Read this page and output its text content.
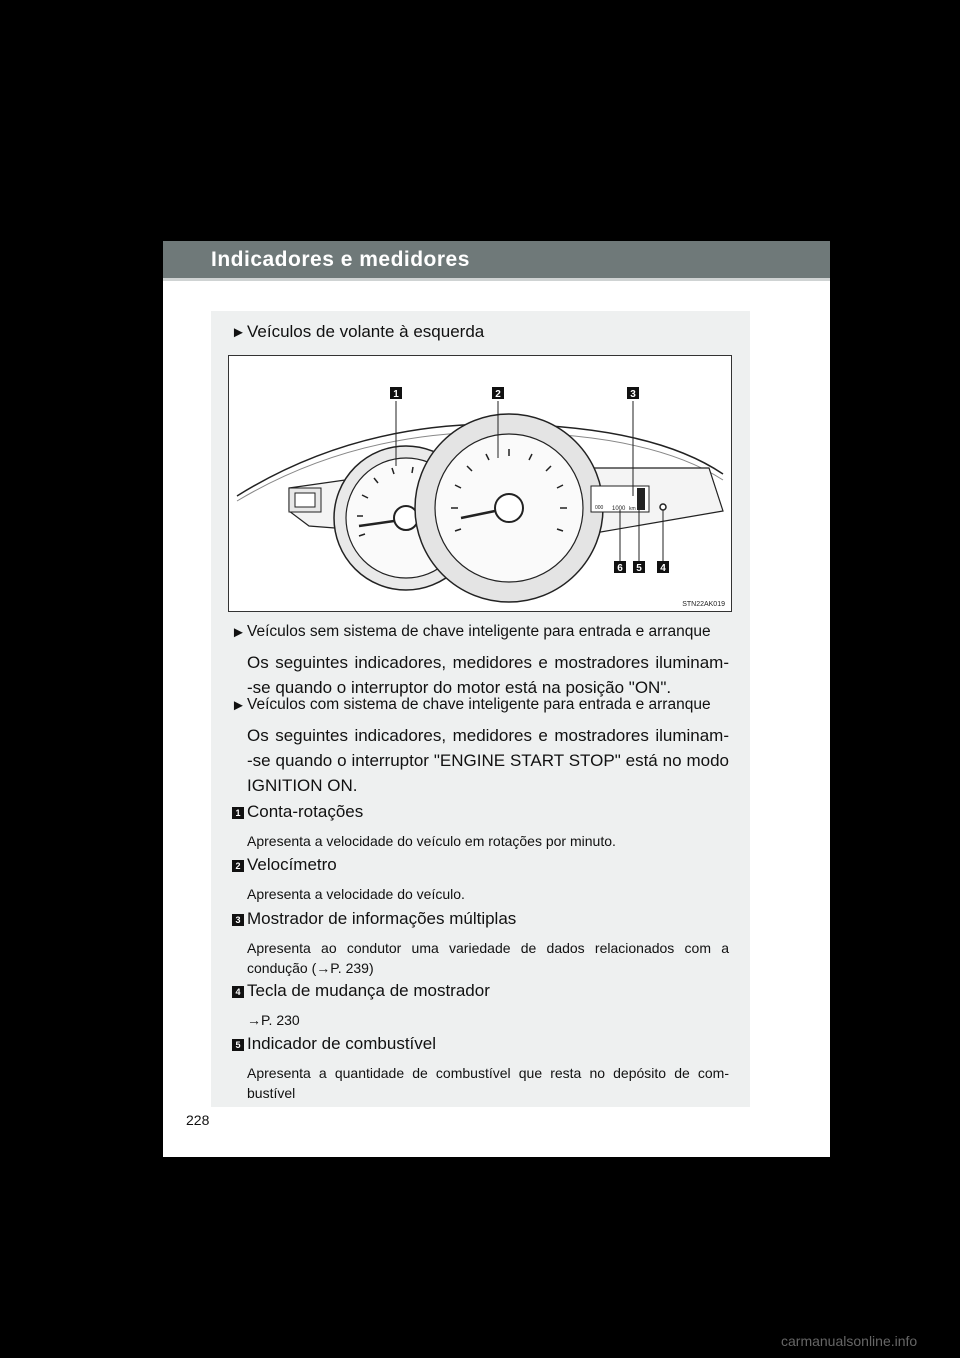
Indicadores e medidores
► Veículos de volante à esquerda
000 1000 km
1	2	3
4
5
6
STN22AK019
► Veículos sem sistema de chave inteligente para entrada e arranque
Os seguintes indicadores, medidores e mostradores iluminam-
-se quando o interruptor do motor está na posição "ON".
► Veículos com sistema de chave inteligente para entrada e arranque
Os seguintes indicadores, medidores e mostradores iluminam-
-se quando o interruptor "ENGINE START STOP" está no modo
IGNITION ON.
1 Conta-rotações
Apresenta a velocidade do veículo em rotações por minuto.
2 Velocímetro
Apresenta a velocidade do veículo.
3 Mostrador de informações múltiplas
Apresenta ao condutor uma variedade de dados relacionados com a
condução (→P. 239)
4 Tecla de mudança de mostrador
→P. 230
5 Indicador de combustível
Apresenta a quantidade de combustível que resta no depósito de com-
bustível
228
carmanualsonline.info
